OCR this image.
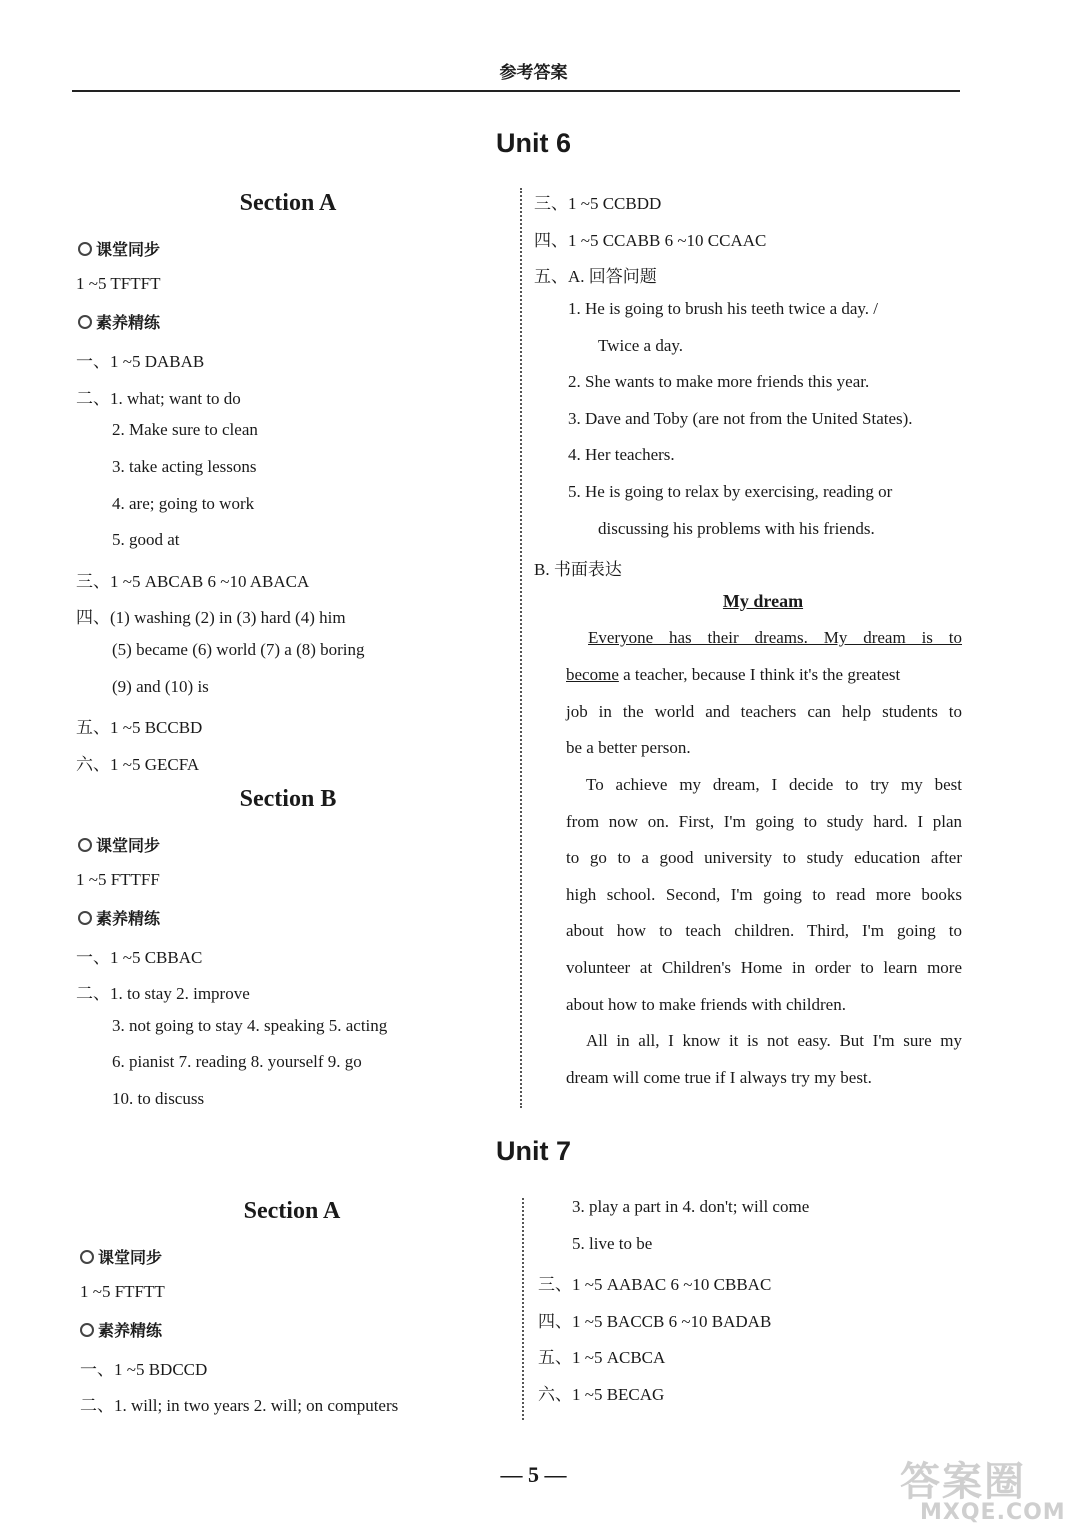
参考答案
Unit 6
Section A
课堂同步
1 ~5 TFTFT
素养精练
一、1 ~5 DABAB
二、1. what; want to do
2. Make sure to clean
3. take acting lessons
4. are; going to work
5. good at
三、1 ~5 ABCAB 6 ~10 ABACA
四、(1) washing (2) in (3) hard (4) him
(5) became (6) world (7) a (8) boring
(9) and (10) is
五、1 ~5 BCCBD
六、1 ~5 GECFA
Section B
课堂同步
1 ~5 FTTFF
素养精练
一、1 ~5 CBBAC
二、1. to stay 2. improve
3. not going to stay 4. speaking 5. acting
6. pianist 7. reading 8. yourself 9. go
10. to discuss
三、1 ~5 CCBDD
四、1 ~5 CCABB 6 ~10 CCAAC
五、A. 回答问题
1. He is going to brush his teeth twice a day. /
Twice a day.
2. She wants to make more friends this year.
3. Dave and Toby (are not from the United States).
4. Her teachers.
5. He is going to relax by exercising, reading or
discussing his problems with his friends.
B. 书面表达
My dream
Everyone has their dreams. My dream is to
become a teacher, because I think it's the greatest
job in the world and teachers can help students to
be a better person.
To achieve my dream, I decide to try my best
from now on. First, I'm going to study hard. I plan
to go to a good university to study education after
high school. Second, I'm going to read more books
about how to teach children. Third, I'm going to
volunteer at Children's Home in order to learn more
about how to make friends with children.
All in all, I know it is not easy. But I'm sure my
dream will come true if I always try my best.
Unit 7
Section A
课堂同步
1 ~5 FTFTT
素养精练
一、1 ~5 BDCCD
二、1. will; in two years 2. will; on computers
3. play a part in 4. don't; will come
5. live to be
三、1 ~5 AABAC 6 ~10 CBBAC
四、1 ~5 BACCB 6 ~10 BADAB
五、1 ~5 ACBCA
六、1 ~5 BECAG
— 5 —	答案圈
MXQE.COM
